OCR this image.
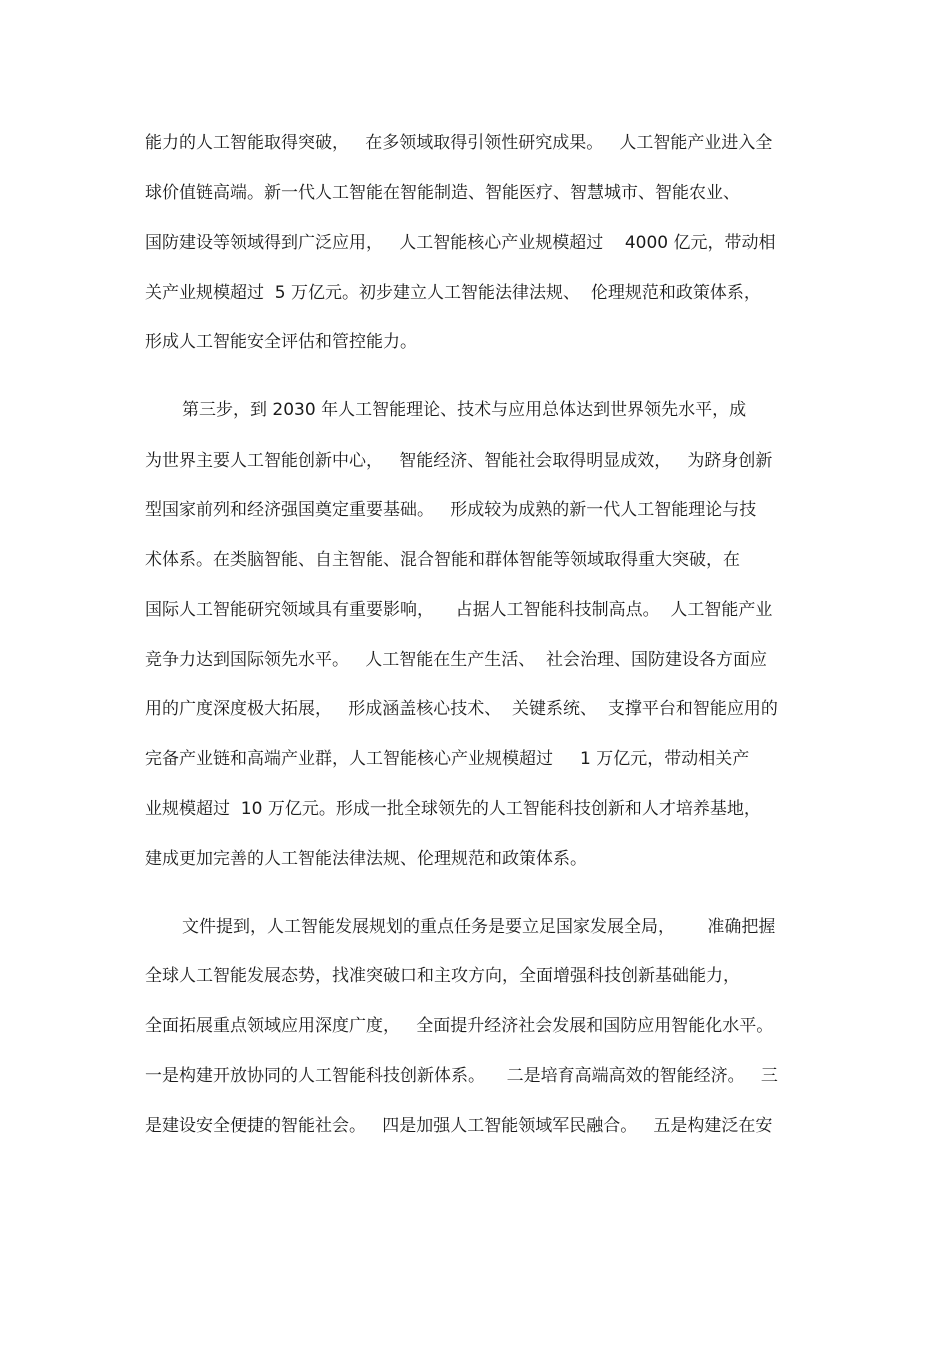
能力的人工智能取得突破，   在多领域取得引领性研究成果。   人工智能产业进入全
球价值链高端。新一代人工智能在智能制造、智能医疗、智慧城市、智能农业、
国防建设等领域得到广泛应用，   人工智能核心产业规模超过    4000 亿元，带动相
关产业规模超过  5 万亿元。初步建立人工智能法律法规、  伦理规范和政策体系，
形成人工智能安全评估和管控能力。
第三步，到 2030 年人工智能理论、技术与应用总体达到世界领先水平，成
为世界主要人工智能创新中心，   智能经济、智能社会取得明显成效，   为跻身创新
型国家前列和经济强国奠定重要基础。   形成较为成熟的新一代人工智能理论与技
术体系。在类脑智能、自主智能、混合智能和群体智能等领域取得重大突破，在
国际人工智能研究领域具有重要影响，    占据人工智能科技制高点。  人工智能产业
竞争力达到国际领先水平。   人工智能在生产生活、  社会治理、国防建设各方面应
用的广度深度极大拓展，   形成涵盖核心技术、  关键系统、  支撑平台和智能应用的
完备产业链和高端产业群，人工智能核心产业规模超过     1 万亿元，带动相关产
业规模超过  10 万亿元。形成一批全球领先的人工智能科技创新和人才培养基地，
建成更加完善的人工智能法律法规、伦理规范和政策体系。
文件提到，人工智能发展规划的重点任务是要立足国家发展全局，      准确把握
全球人工智能发展态势，找准突破口和主攻方向，全面增强科技创新基础能力，
全面拓展重点领域应用深度广度，   全面提升经济社会发展和国防应用智能化水平。
一是构建开放协同的人工智能科技创新体系。    二是培育高端高效的智能经济。   三
是建设安全便捷的智能社会。   四是加强人工智能领域军民融合。   五是构建泛在安
